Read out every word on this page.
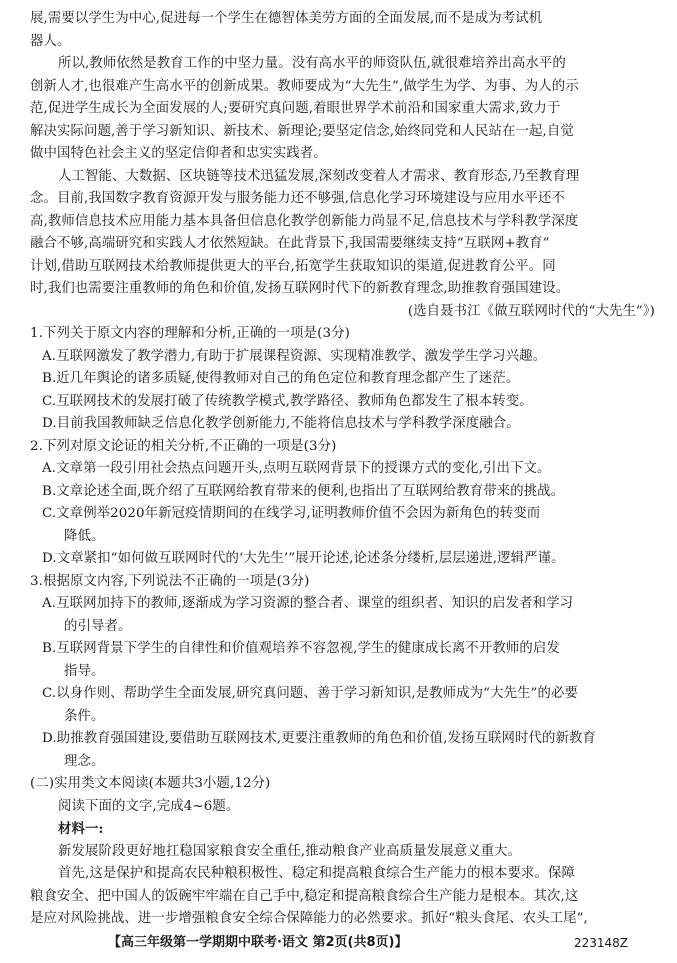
展,需要以学生为中心,促进每一个学生在德智体美劳方面的全面发展,而不是成为考试机
器人。
所以,教师依然是教育工作的中坚力量。没有高水平的师资队伍,就很难培养出高水平的
创新人才,也很难产生高水平的创新成果。教师要成为“大先生”,做学生为学、为事、为人的示
范,促进学生成长为全面发展的人;要研究真问题,着眼世界学术前沿和国家重大需求,致力于
解决实际问题,善于学习新知识、新技术、新理论;要坚定信念,始终同党和人民站在一起,自觉
做中国特色社会主义的坚定信仰者和忠实实践者。
人工智能、大数据、区块链等技术迅猛发展,深刻改变着人才需求、教育形态,乃至教育理
念。目前,我国数字教育资源开发与服务能力还不够强,信息化学习环境建设与应用水平还不
高,教师信息技术应用能力基本具备但信息化教学创新能力尚显不足,信息技术与学科教学深度
融合不够,高端研究和实践人才依然短缺。在此背景下,我国需要继续支持“互联网+教育”
计划,借助互联网技术给教师提供更大的平台,拓宽学生获取知识的渠道,促进教育公平。同
时,我们也需要注重教师的角色和价值,发扬互联网时代下的新教育理念,助推教育强国建设。
(选自聂书江《做互联网时代的“大先生”》)
1.下列关于原文内容的理解和分析,正确的一项是(3分)
A.互联网激发了教学潜力,有助于扩展课程资源、实现精准教学、激发学生学习兴趣。
B.近几年舆论的诸多质疑,使得教师对自己的角色定位和教育理念都产生了迷茫。
C.互联网技术的发展打破了传统教学模式,教学路径、教师角色都发生了根本转变。
D.目前我国教师缺乏信息化教学创新能力,不能将信息技术与学科教学深度融合。
2.下列对原文论证的相关分析,不正确的一项是(3分)
A.文章第一段引用社会热点问题开头,点明互联网背景下的授课方式的变化,引出下文。
B.文章论述全面,既介绍了互联网给教育带来的便利,也指出了互联网给教育带来的挑战。
C.文章例举2020年新冠疫情期间的在线学习,证明教师价值不会因为新角色的转变而
降低。
D.文章紧扣“如何做互联网时代的‘大先生’”展开论述,论述条分缕析,层层递进,逻辑严谨。
3.根据原文内容,下列说法不正确的一项是(3分)
A.互联网加持下的教师,逐渐成为学习资源的整合者、课堂的组织者、知识的启发者和学习
的引导者。
B.互联网背景下学生的自律性和价值观培养不容忽视,学生的健康成长离不开教师的启发
指导。
C.以身作则、帮助学生全面发展,研究真问题、善于学习新知识,是教师成为“大先生”的必要
条件。
D.助推教育强国建设,要借助互联网技术,更要注重教师的角色和价值,发扬互联网时代的新教育
理念。
(二)实用类文本阅读(本题共3小题,12分)
阅读下面的文字,完成4~6题。
材料一:
新发展阶段更好地扛稳国家粮食安全重任,推动粮食产业高质量发展意义重大。
首先,这是保护和提高农民种粮积极性、稳定和提高粮食综合生产能力的根本要求。保障
粮食安全、把中国人的饭碗牢牢端在自己手中,稳定和提高粮食综合生产能力是根本。其次,这
是应对风险挑战、进一步增强粮食安全综合保障能力的必然要求。抓好“粮头食尾、农头工尾”,
【高三年级第一学期期中联考·语文 第2页(共8页)】	223148Z
